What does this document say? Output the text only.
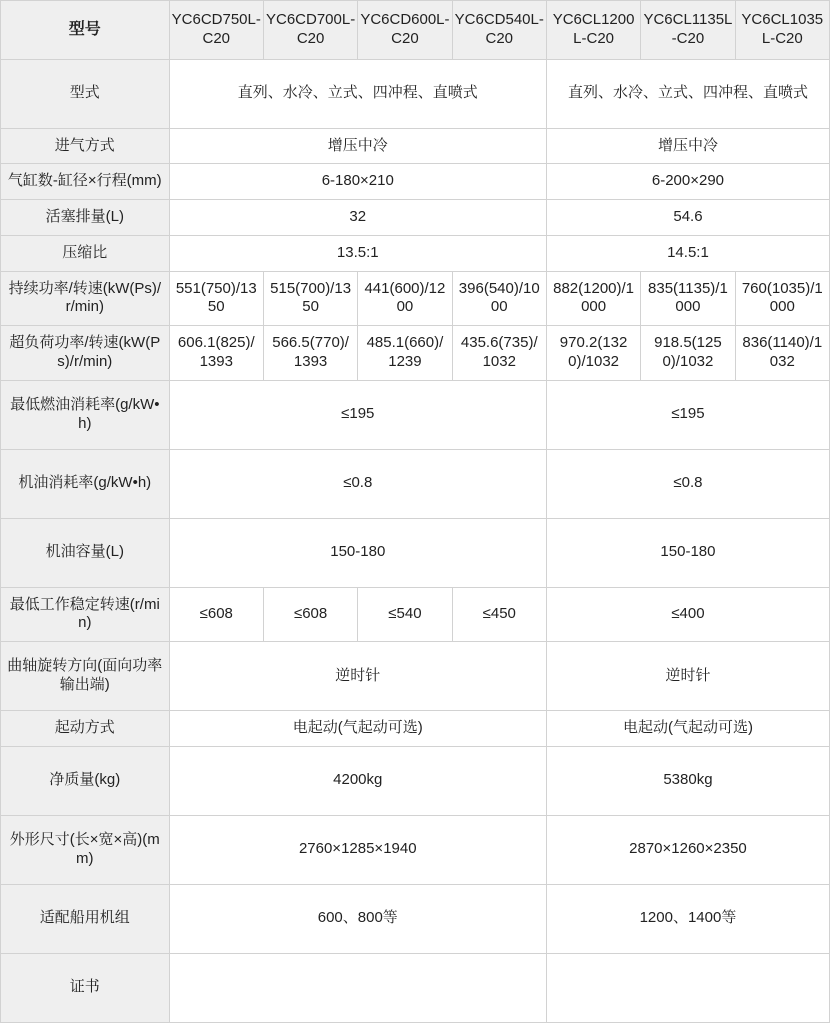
型号	YC6CD750L-C20	YC6CD700L-C20	YC6CD600L-C20	YC6CD540L-C20	YC6CL1200L-C20	YC6CL1135L-C20	YC6CL1035L-C20
型式	直列、水冷、立式、四冲程、直喷式				直列、水冷、立式、四冲程、直喷式		
进气方式	增压中冷				增压中冷		
气缸数-缸径×行程(mm)	6-180×210				6-200×290		
活塞排量(L)	32				54.6		
压缩比	13.5:1				14.5:1		
持续功率/转速(kW(Ps)/r/min)	551(750)/1350	515(700)/1350	441(600)/1200	396(540)/1000	882(1200)/1000	835(1135)/1000	760(1035)/1000
超负荷功率/转速(kW(Ps)/r/min)	606.1(825)/1393	566.5(770)/1393	485.1(660)/1239	435.6(735)/1032	970.2(1320)/1032	918.5(1250)/1032	836(1140)/1032
最低燃油消耗率(g/kW•h)	≤195				≤195		
机油消耗率(g/kW•h)	≤0.8				≤0.8		
机油容量(L)	150-180				150-180		
最低工作稳定转速(r/min)	≤608	≤608	≤540	≤450	≤400		
曲轴旋转方向(面向功率输出端)	逆时针				逆时针		
起动方式	电起动(气起动可选)				电起动(气起动可选)		
净质量(kg)	4200kg				5380kg		
外形尺寸(长×宽×高)(mm)	2760×1285×1940				2870×1260×2350		
适配船用机组	600、800等				1200、1400等		
证书							
